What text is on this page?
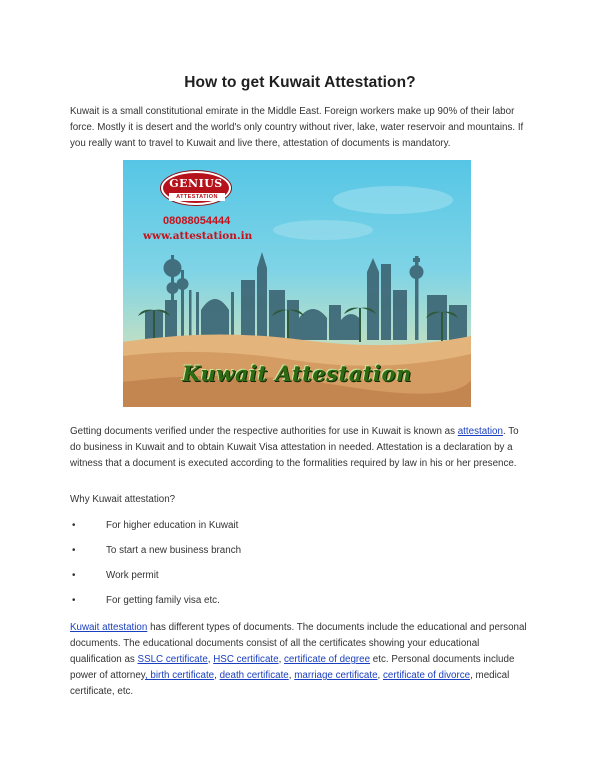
How to get Kuwait Attestation?

Kuwait is a small constitutional emirate in the Middle East. Foreign workers make up 90% of their labor force. Mostly it is desert and the world's only country without river, lake, water reservoir and mountains. If you really want to travel to Kuwait and live there, attestation of documents is mandatory.

GENIUS
ATTESTATION
08088054444
www.attestation.in
Kuwait Attestation

Getting documents verified under the respective authorities for use in Kuwait is known as attestation. To do business in Kuwait and to obtain Kuwait Visa attestation in needed. Attestation is a declaration by a witness that a document is executed according to the formalities required by law in his or her presence.

Why Kuwait attestation?

•	For higher education in Kuwait
•	To start a new business branch
•	Work permit
•	For getting family visa etc.

Kuwait attestation has different types of documents. The documents include the educational and personal documents. The educational documents consist of all the certificates showing your educational qualification as SSLC certificate, HSC certificate, certificate of degree etc. Personal documents include power of attorney, birth certificate, death certificate, marriage certificate, certificate of divorce, medical certificate, etc.
